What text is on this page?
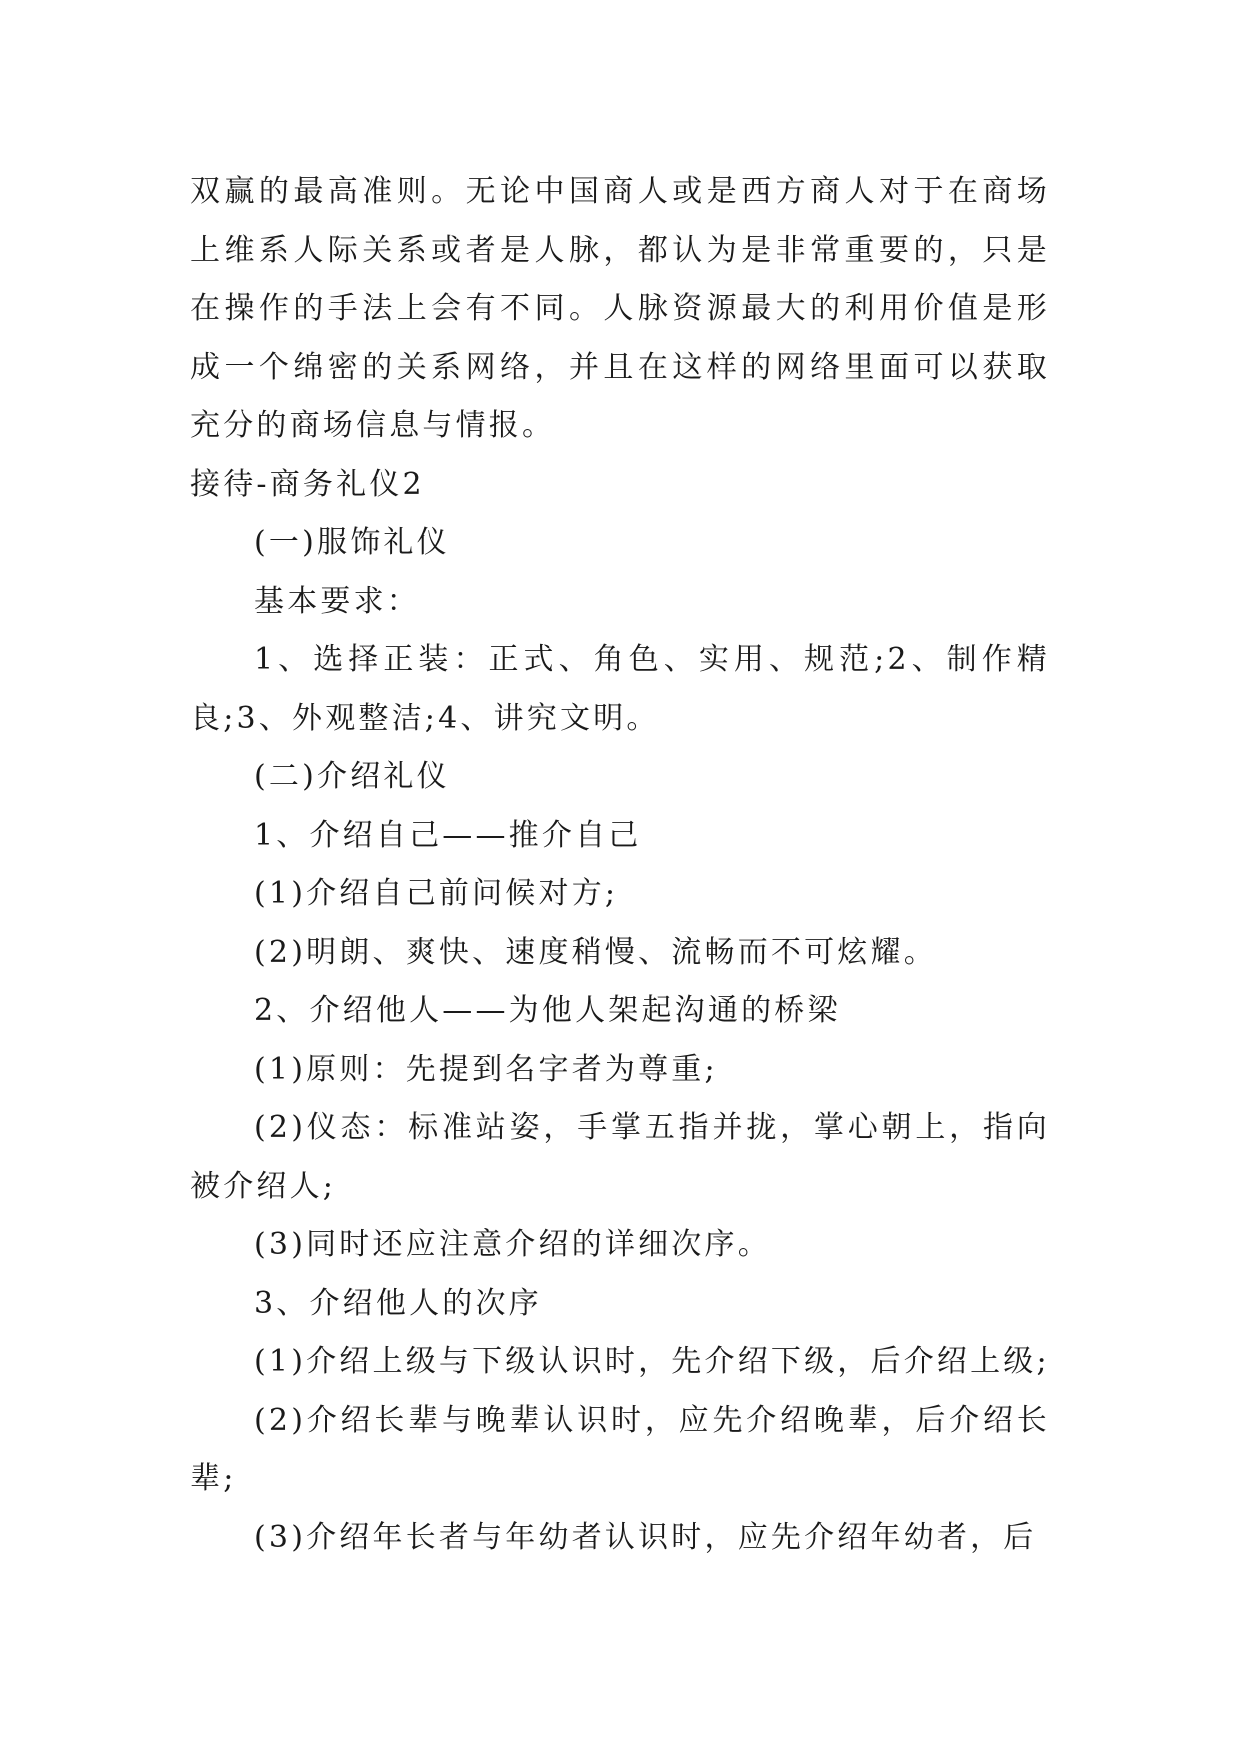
双赢的最高准则。无论中国商人或是西方商人对于在商场上维系人际关系或者是人脉，都认为是非常重要的，只是在操作的手法上会有不同。人脉资源最大的利用价值是形成一个绵密的关系网络，并且在这样的网络里面可以获取充分的商场信息与情报。

接待-商务礼仪2

(一)服饰礼仪

基本要求：

1、选择正装：正式、角色、实用、规范;2、制作精良;3、外观整洁;4、讲究文明。

(二)介绍礼仪

1、介绍自己——推介自己

(1)介绍自己前问候对方;

(2)明朗、爽快、速度稍慢、流畅而不可炫耀。

2、介绍他人——为他人架起沟通的桥梁

(1)原则：先提到名字者为尊重;

(2)仪态：标准站姿，手掌五指并拢，掌心朝上，指向被介绍人;

(3)同时还应注意介绍的详细次序。

3、介绍他人的次序

(1)介绍上级与下级认识时，先介绍下级，后介绍上级;

(2)介绍长辈与晚辈认识时，应先介绍晚辈，后介绍长辈;

(3)介绍年长者与年幼者认识时，应先介绍年幼者，后
